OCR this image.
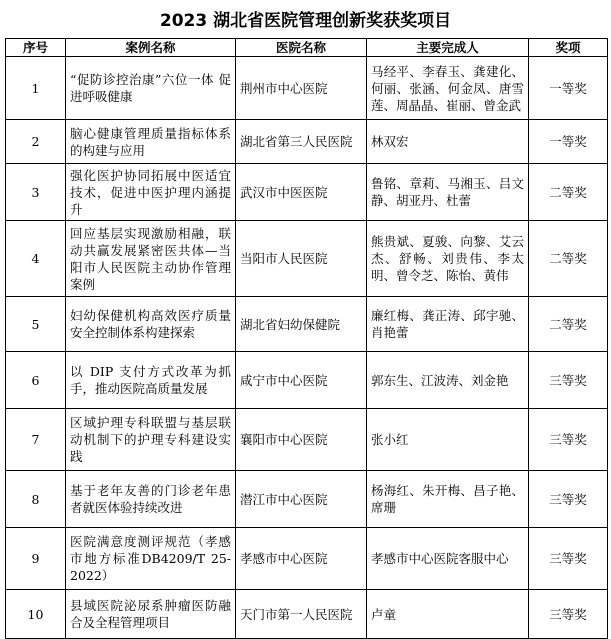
2023 湖北省医院管理创新奖获奖项目
序号	案例名称	医院名称	主要完成人	奖项
1	“促防诊控治康”六位一体 促进呼吸健康	荆州市中心医院	马经平、李春玉、龚建化、何丽、张涵、何金凤、唐雪莲、周晶晶、崔丽、曾金武	一等奖
2	脑心健康管理质量指标体系的构建与应用	湖北省第三人民医院	林双宏	一等奖
3	强化医护协同拓展中医适宜技术，促进中医护理内涵提升	武汉市中医医院	鲁铭、章莉、马湘玉、吕文静、胡亚丹、杜蕾	二等奖
4	回应基层实现激励相融，联动共赢发展紧密医共体—当阳市人民医院主动协作管理案例	当阳市人民医院	熊贵斌、夏骏、向黎、艾云杰、舒畅、刘贵伟、李太明、曾令芝、陈怡、黄伟	二等奖
5	妇幼保健机构高效医疗质量安全控制体系构建探索	湖北省妇幼保健院	廉红梅、龚正涛、邱宇驰、肖艳蕾	二等奖
6	以 DIP 支付方式改革为抓手，推动医院高质量发展	咸宁市中心医院	郭东生、江波涛、刘金艳	三等奖
7	区域护理专科联盟与基层联动机制下的护理专科建设实践	襄阳市中心医院	张小红	三等奖
8	基于老年友善的门诊老年患者就医体验持续改进	潜江市中心医院	杨海红、朱开梅、昌子艳、席珊	三等奖
9	医院满意度测评规范（孝感市地方标准DB4209/T 25-2022）	孝感市中心医院	孝感市中心医院客服中心	三等奖
10	县域医院泌尿系肿瘤医防融合及全程管理项目	天门市第一人民医院	卢童	三等奖
